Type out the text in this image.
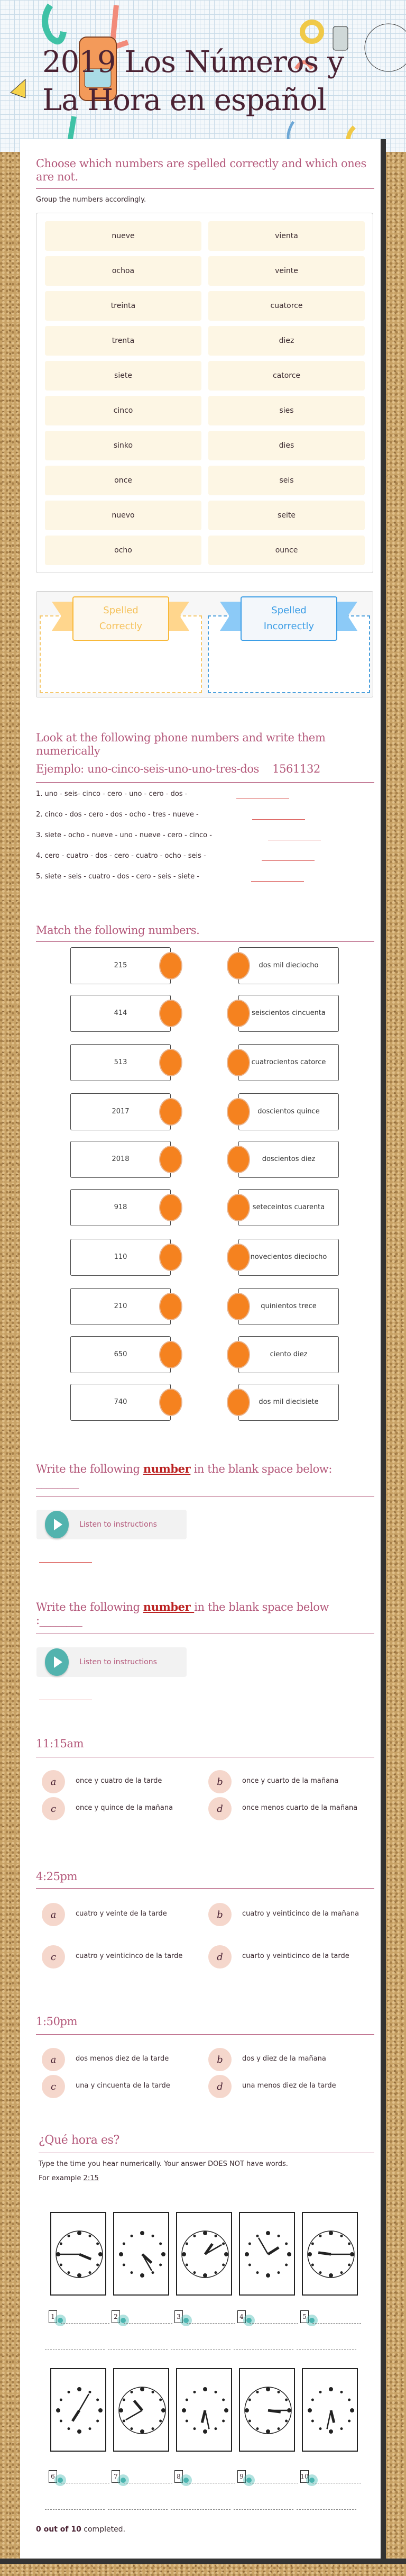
2019 Los Números y La Hora en español
Choose which numbers are spelled correctly and which ones are not.
Group the numbers accordingly.
nueve	vienta
ochoa	veinte
treinta	cuatorce
trenta	diez
siete	catorce
cinco	sies
sinko	dies
once	seis
nuevo	seite
ocho	ounce
Spelled
Correctly
Spelled
Incorrectly
Look at the following phone numbers and write them numerically
Ejemplo: uno-cinco-seis-uno-uno-tres-dos    1561132
1. uno - seis- cinco - cero - uno - cero - dos -
2. cinco - dos - cero - dos - ocho - tres - nueve -
3. siete - ocho - nueve - uno - nueve - cero - cinco -
4. cero - cuatro - dos - cero - cuatro - ocho - seis -
5. siete - seis - cuatro - dos - cero - seis - siete -
Match the following numbers.
215	dos mil dieciocho
414	seiscientos cincuenta
513	cuatrocientos catorce
2017	doscientos quince
2018	doscientos diez
918	seteceintos cuarenta
110	novecientos dieciocho
210	quinientos trece
650	ciento diez
740	dos mil diecisiete
Write the following number in the blank space below:
________
Listen to instructions
Write the following number in the blank space below
:________
Listen to instructions
11:15am
a	once y cuatro de la tarde	b	once y cuarto de la mañana
c	once y quince de la mañana	d	once menos cuarto de la mañana
4:25pm
a	cuatro y veinte de la tarde	b	cuatro y veinticinco de la mañana
c	cuatro y veinticinco de la tarde	d	cuarto y veinticinco de la tarde
1:50pm
a	dos menos diez de la tarde	b	dos y diez de la mañana
c	una y cincuenta de la tarde	d	una menos diez de la tarde
¿Qué hora es?
Type the time you hear numerically. Your answer DOES NOT have words.
For example 2:15
1	2	3	4	5
6	7	8	9	10
0 out of 10 completed.
